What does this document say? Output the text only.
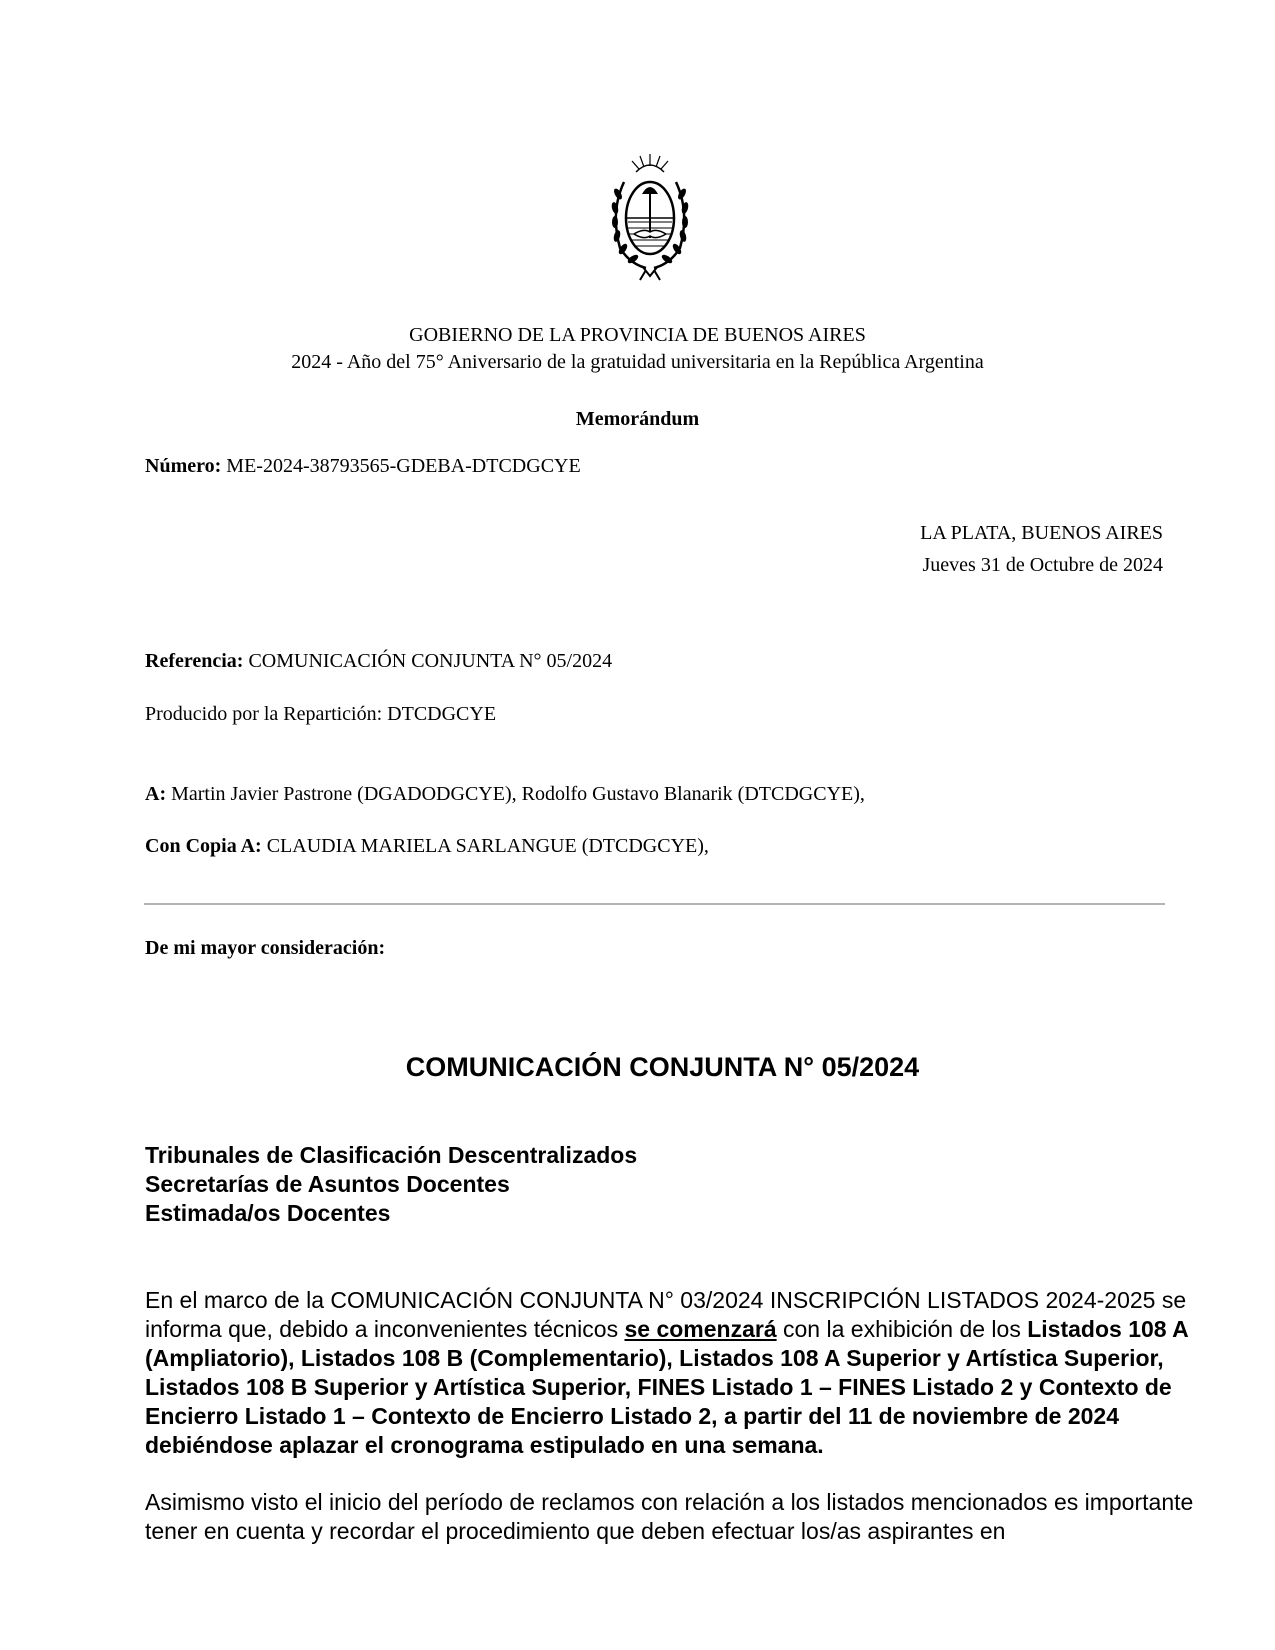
GOBIERNO DE LA PROVINCIA DE BUENOS AIRES
2024 - Año del 75° Aniversario de la gratuidad universitaria en la República Argentina
Memorándum
Número: ME-2024-38793565-GDEBA-DTCDGCYE
LA PLATA, BUENOS AIRES
Jueves 31 de Octubre de 2024
Referencia: COMUNICACIÓN CONJUNTA N° 05/2024
Producido por la Repartición: DTCDGCYE
A: Martin Javier Pastrone (DGADODGCYE), Rodolfo Gustavo Blanarik (DTCDGCYE),
Con Copia A: CLAUDIA MARIELA SARLANGUE (DTCDGCYE),
De mi mayor consideración:
COMUNICACIÓN CONJUNTA N° 05/2024
Tribunales de Clasificación Descentralizados
Secretarías de Asuntos Docentes
Estimada/os Docentes
En el marco de la COMUNICACIÓN CONJUNTA N° 03/2024 INSCRIPCIÓN LISTADOS 2024-2025 se informa que, debido a inconvenientes técnicos se comenzará con la exhibición de los Listados 108 A (Ampliatorio), Listados 108 B (Complementario), Listados 108 A Superior y Artística Superior, Listados 108 B Superior y Artística Superior, FINES Listado 1 – FINES Listado 2 y Contexto de Encierro Listado 1 – Contexto de Encierro Listado 2, a partir del 11 de noviembre de 2024 debiéndose aplazar el cronograma estipulado en una semana.
Asimismo visto el inicio del período de reclamos con relación a los listados mencionados es importante tener en cuenta y recordar el procedimiento que deben efectuar los/as aspirantes en
